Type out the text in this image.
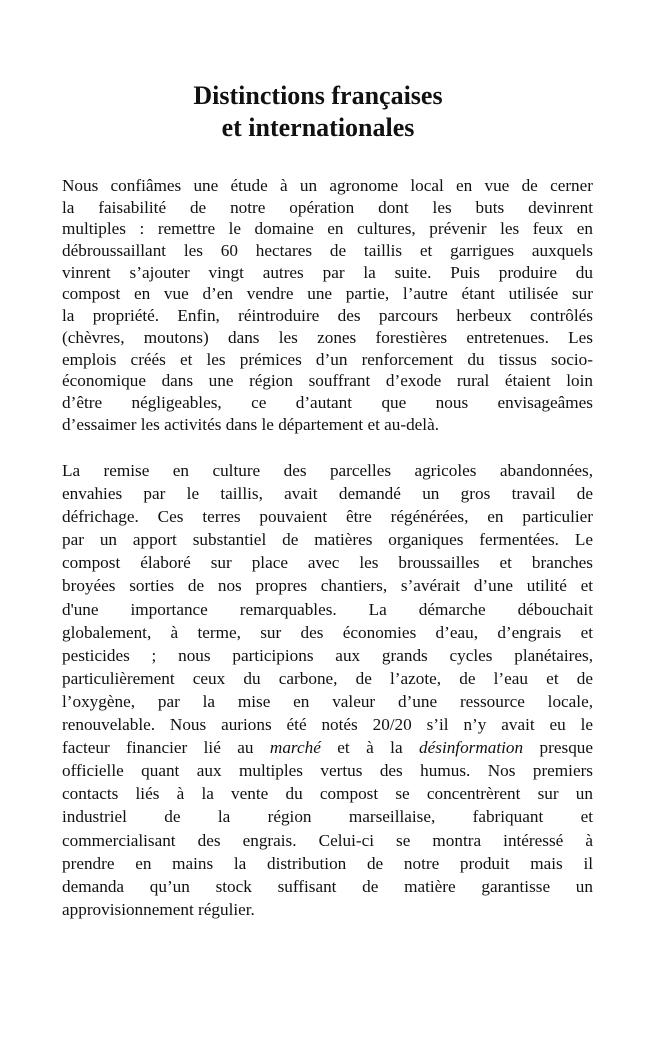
Distinctions françaises
et internationales
Nous confiâmes une étude à un agronome local en vue de cerner
la faisabilité de notre opération dont les buts devinrent
multiples : remettre le domaine en cultures, prévenir les feux en
débroussaillant les 60 hectares de taillis et garrigues auxquels
vinrent s’ajouter vingt autres par la suite. Puis produire du
compost en vue d’en vendre une partie, l’autre étant utilisée sur
la propriété. Enfin, réintroduire des parcours herbeux contrôlés
(chèvres, moutons) dans les zones forestières entretenues. Les
emplois créés et les prémices d’un renforcement du tissus socio-
économique dans une région souffrant d’exode rural étaient loin
d’être négligeables, ce d’autant que nous envisageâmes
d’essaimer les activités dans le département et au-delà.
La remise en culture des parcelles agricoles abandonnées,
envahies par le taillis, avait demandé un gros travail de
défrichage. Ces terres pouvaient être régénérées, en particulier
par un apport substantiel de matières organiques fermentées. Le
compost élaboré sur place avec les broussailles et branches
broyées sorties de nos propres chantiers, s’avérait d’une utilité et
d'une importance remarquables. La démarche débouchait
globalement, à terme, sur des économies d’eau, d’engrais et
pesticides ; nous participions aux grands cycles planétaires,
particulièrement ceux du carbone, de l’azote, de l’eau et de
l’oxygène, par la mise en valeur d’une ressource locale,
renouvelable. Nous aurions été notés 20/20 s’il n’y avait eu le
facteur financier lié au marché et à la désinformation presque
officielle quant aux multiples vertus des humus. Nos premiers
contacts liés à la vente du compost se concentrèrent sur un
industriel de la région marseillaise, fabriquant et
commercialisant des engrais. Celui-ci se montra intéressé à
prendre en mains la distribution de notre produit mais il
demanda qu’un stock suffisant de matière garantisse un
approvisionnement régulier.
